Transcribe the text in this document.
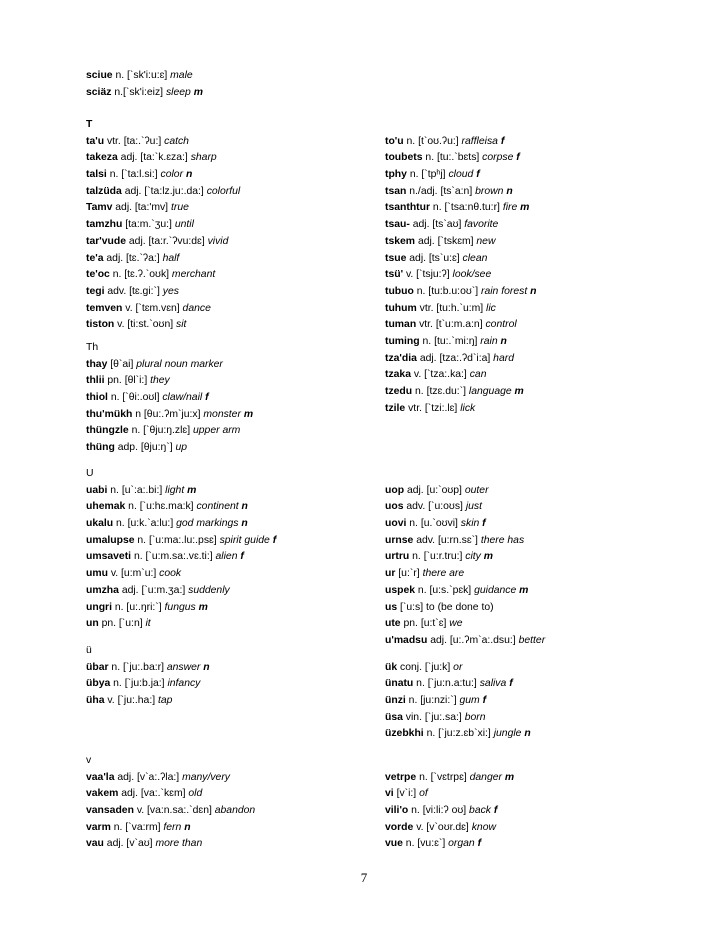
sciue n. [`sk'i:u:ɛ] male
sciäz n.[`sk'i:eiz] sleep m
T
ta'u vtr. [ta:.`ʔu:] catch
takeza adj. [ta:`k.ɛza:] sharp
talsi n. [`ta:l.si:] color n
talzüda adj. [`ta:lz.ju:.da:] colorful
Tamv adj. [ta:'mv] true
tamzhu [ta:m.`ʒu:] until
tar'vude adj. [ta:r.`ʔvu:dɛ] vivid
te'a adj. [tɛ.`ʔa:] half
te'oc n. [tɛ.ʔ.`oʊk] merchant
tegi adv. [tɛ.gi:`] yes
temven v. [`tɛm.vɛn] dance
tiston v. [ti:st.`oʊn] sit
to'u n. [t`oʊ.ʔu:] raffleisa f
toubets n. [tu:.`bɛts] corpse f
tphy n. [`tpʰj] cloud f
tsan n./adj. [ts`a:n] brown n
tsanthtur n. [`tsa:nθ.tu:r] fire m
tsau- adj. [ts`aʊ] favorite
tskem adj. [`tskɛm] new
tsue adj. [ts`u:ɛ] clean
tsü' v. [`tsju:ʔ] look/see
tubuo n. [tu:b.u:oʊ`] rain forest n
tuhum vtr. [tu:h.`u:m] lic
tuman vtr. [t`u:m.a:n] control
tuming n. [tu:.`mi:ŋ] rain n
tza'dia adj. [tza:.ʔd`i:a] hard
tzaka v. [`tza:.ka:] can
tzedu n. [tzɛ.du:`] language m
tzile vtr. [`tzi:.lɛ] lick
Th
thay [θ`ai] plural noun marker
thlii pn. [θl`i:] they
thiol n. [`θi:.oʊl] claw/nail f
thu'mükh n [θu:.ʔm`ju:x] monster m
thüngzle n. [`θju:ŋ.zlɛ] upper arm
thüng adp. [θju:ŋ`] up
U
uabi n. [u`:a:.bi:] light m
uhemak n. [`u:hɛ.ma:k] continent n
ukalu n. [u:k.`a:lu:] god markings n
umalupse n. [`u:ma:.lu:.psɛ] spirit guide f
umsaveti n. [`u:m.sa:.vɛ.ti:] alien f
umu v. [u:m`u:] cook
umzha adj. [`u:m.ʒa:] suddenly
ungri n. [u:.ŋri:`] fungus m
un pn. [`u:n] it
uop adj. [u:`oʊp] outer
uos adv. [`u:oʊs] just
uovi n. [u.`oʊvi] skin f
urnse adv. [u:rn.sɛ`] there has
urtru n. [`u:r.tru:] city m
ur [u:`r] there are
uspek n. [u:s.`pɛk] guidance m
us [`u:s] to (be done to)
ute pn. [u:t`ɛ] we
u'madsu adj. [u:.ʔm`a:.dsu:] better
ü
übar n. [`ju:.ba:r] answer n
übya n. [`ju:b.ja:] infancy
üha v. [`ju:.ha:] tap
ük conj. [`ju:k] or
ünatu n. [`ju:n.a:tu:] saliva f
ünzi n. [ju:nzi:`] gum f
üsa vin. [`ju:.sa:] born
üzebkhi n. [`ju:z.ɛb`xi:] jungle n
v
vaa'la adj. [v`a:.ʔla:] many/very
vakem adj. [va:.`kɛm] old
vansaden v. [va:n.sa:.`dɛn] abandon
varm n. [`va:rm] fern n
vau adj. [v`aʊ] more than
vetrpe n. [`vɛtrpɛ] danger m
vi [v`i:] of
vili'o n. [vi:li:ʔ oʊ] back f
vorde v. [v`oʊr.dɛ] know
vue n. [vu:ɛ`] organ f
7
